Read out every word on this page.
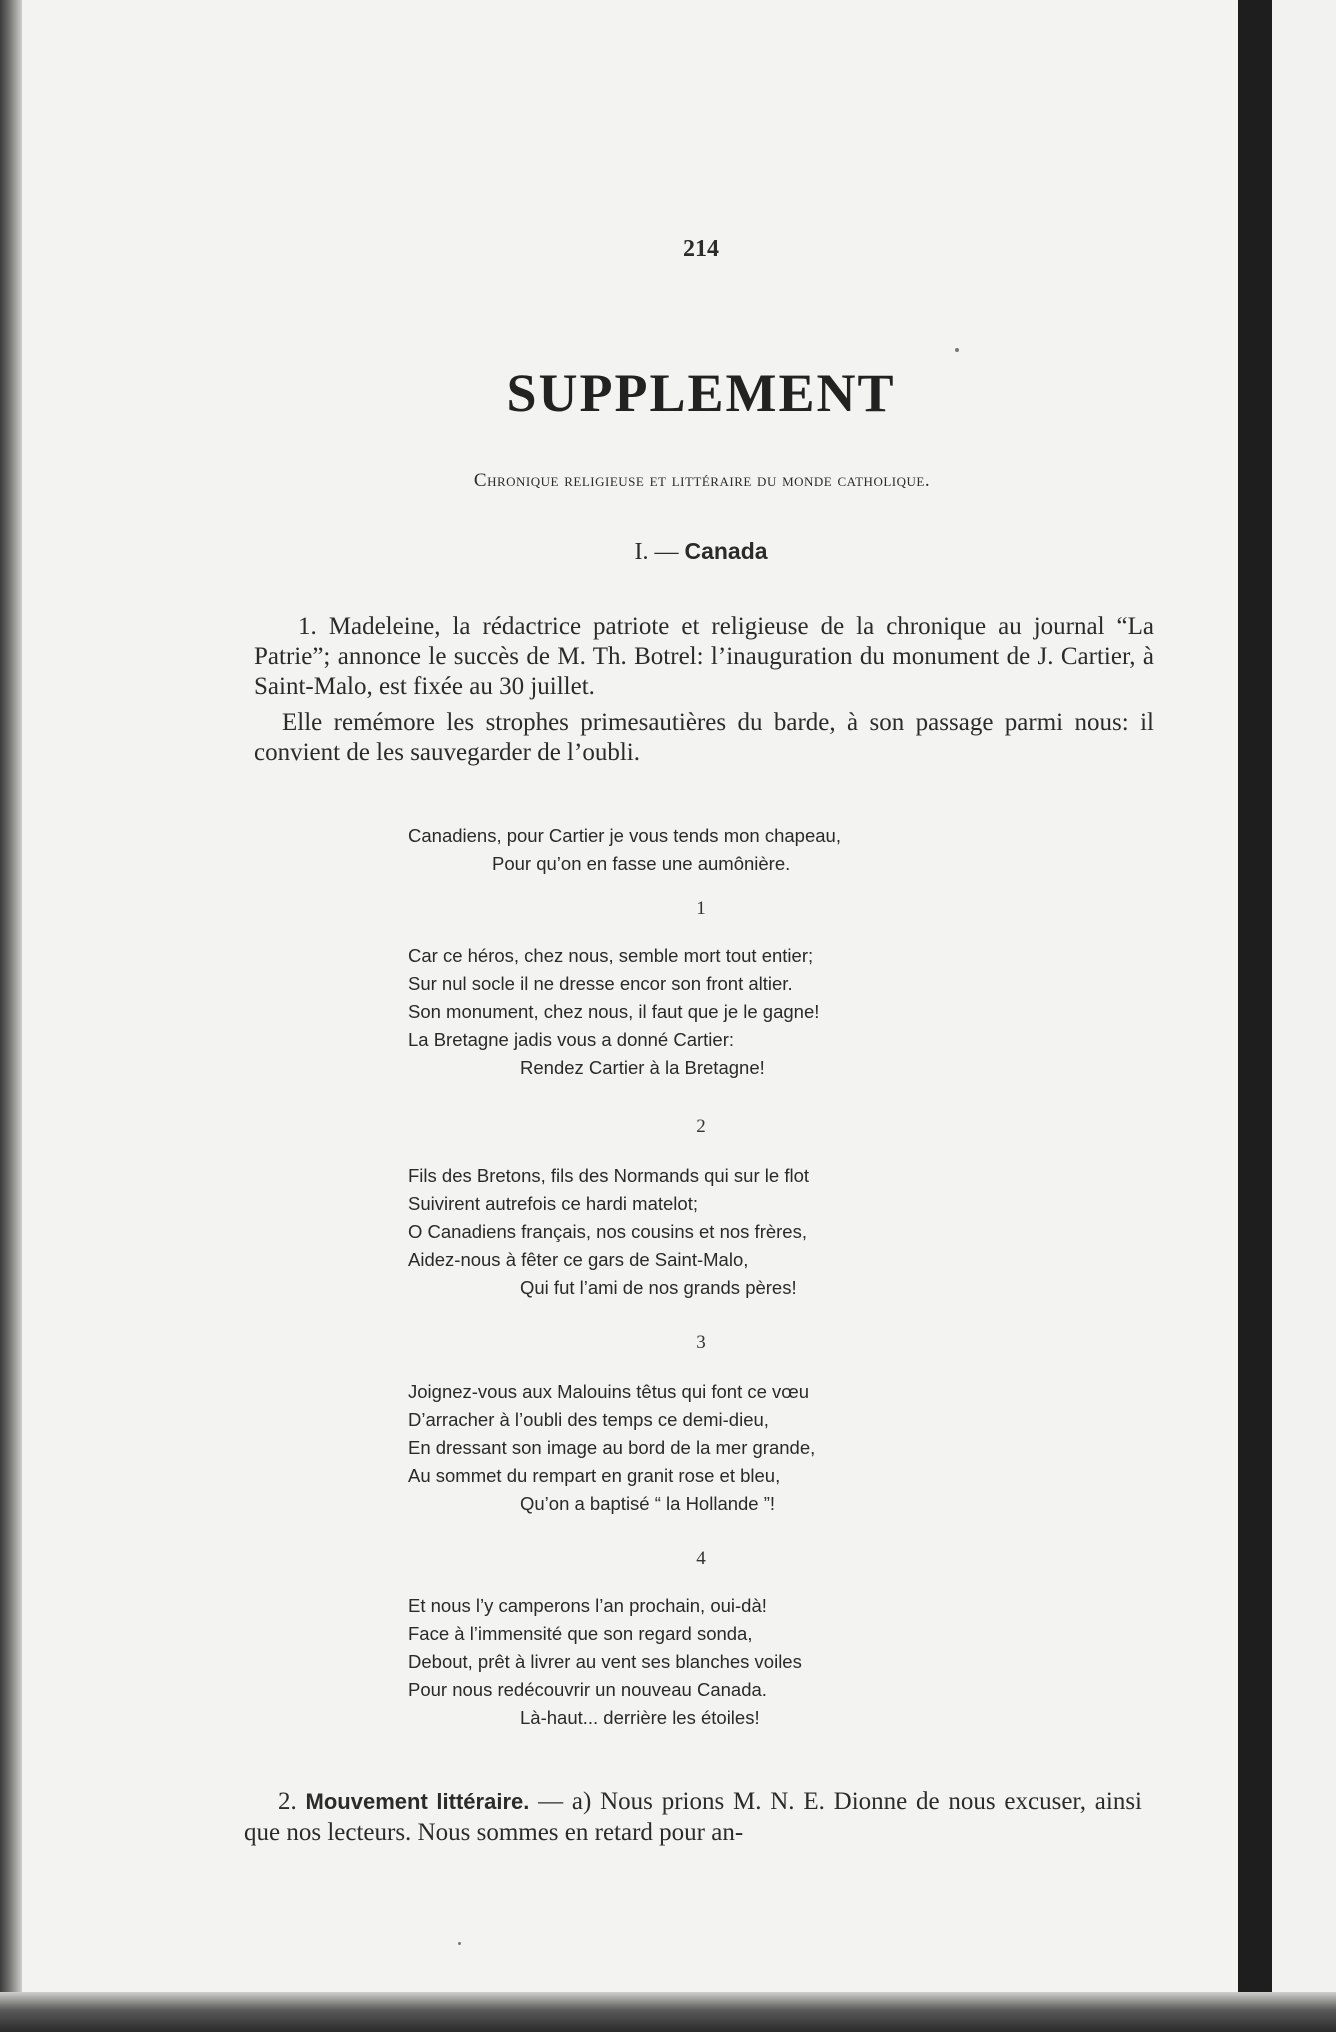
214
SUPPLEMENT
Chronique religieuse et littéraire du monde catholique.
I. — Canada
1. Madeleine, la rédactrice patriote et religieuse de la chronique au journal “La Patrie”; annonce le succès de M. Th. Botrel: l’inauguration du monument de J. Cartier, à Saint-Malo, est fixée au 30 juillet.
Elle remémore les strophes primesautières du barde, à son passage parmi nous: il convient de les sauvegarder de l’oubli.
Canadiens, pour Cartier je vous tends mon chapeau,
Pour qu’on en fasse une aumônière.
1
Car ce héros, chez nous, semble mort tout entier;
Sur nul socle il ne dresse encor son front altier.
Son monument, chez nous, il faut que je le gagne!
La Bretagne jadis vous a donné Cartier:
Rendez Cartier à la Bretagne!
2
Fils des Bretons, fils des Normands qui sur le flot
Suivirent autrefois ce hardi matelot;
O Canadiens français, nos cousins et nos frères,
Aidez-nous à fêter ce gars de Saint-Malo,
Qui fut l’ami de nos grands pères!
3
Joignez-vous aux Malouins têtus qui font ce vœu
D’arracher à l’oubli des temps ce demi-dieu,
En dressant son image au bord de la mer grande,
Au sommet du rempart en granit rose et bleu,
Qu’on a baptisé “ la Hollande ”!
4
Et nous l’y camperons l’an prochain, oui-dà!
Face à l’immensité que son regard sonda,
Debout, prêt à livrer au vent ses blanches voiles
Pour nous redécouvrir un nouveau Canada.
Là-haut... derrière les étoiles!
2. Mouvement littéraire. — a) Nous prions M. N. E. Dionne de nous excuser, ainsi que nos lecteurs. Nous sommes en retard pour an-
